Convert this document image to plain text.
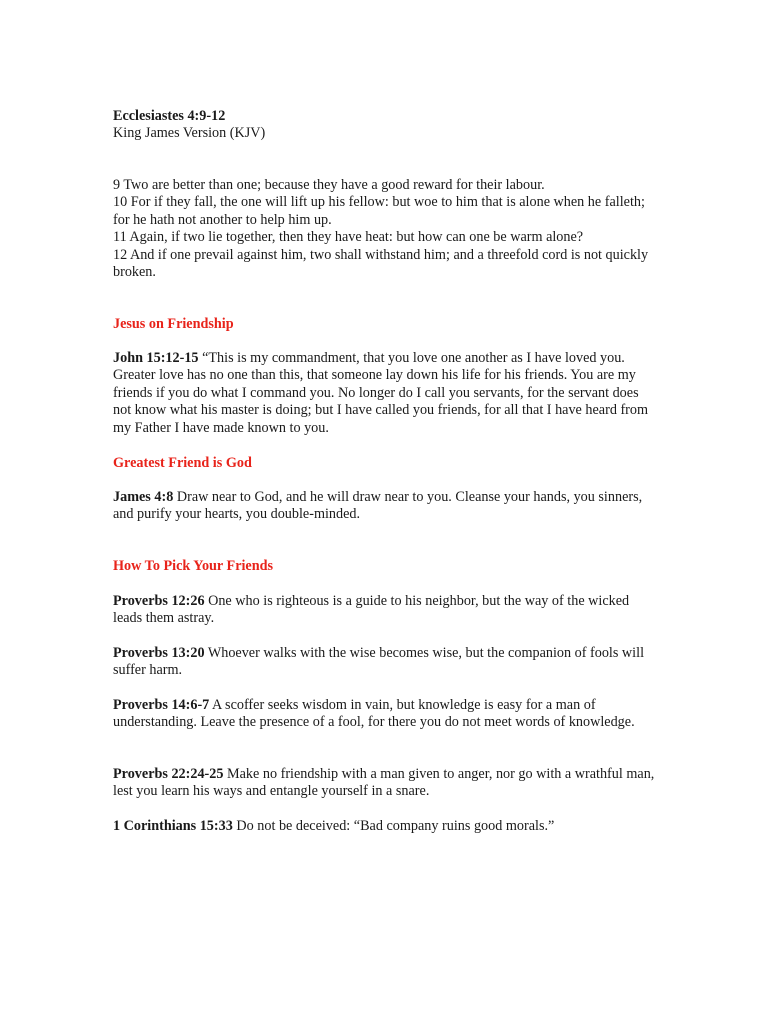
Ecclesiastes 4:9-12

King James Version (KJV)

9 Two are better than one; because they have a good reward for their labour.

10 For if they fall, the one will lift up his fellow: but woe to him that is alone when he falleth; for he hath not another to help him up.

11 Again, if two lie together, then they have heat: but how can one be warm alone?

12 And if one prevail against him, two shall withstand him; and a threefold cord is not quickly broken.

Jesus on Friendship

John 15:12-15 “This is my commandment, that you love one another as I have loved you. Greater love has no one than this, that someone lay down his life for his friends. You are my friends if you do what I command you. No longer do I call you servants, for the servant does not know what his master is doing; but I have called you friends, for all that I have heard from my Father I have made known to you.

Greatest Friend is God

James 4:8 Draw near to God, and he will draw near to you. Cleanse your hands, you sinners, and purify your hearts, you double-minded.

How To Pick Your Friends

Proverbs 12:26 One who is righteous is a guide to his neighbor, but the way of the wicked leads them astray.

Proverbs 13:20 Whoever walks with the wise becomes wise, but the companion of fools will suffer harm.

Proverbs 14:6-7 A scoffer seeks wisdom in vain, but knowledge is easy for a man of understanding. Leave the presence of a fool, for there you do not meet words of knowledge.

Proverbs 22:24-25 Make no friendship with a man given to anger, nor go with a wrathful man, lest you learn his ways and entangle yourself in a snare.

1 Corinthians 15:33 Do not be deceived: “Bad company ruins good morals.”
